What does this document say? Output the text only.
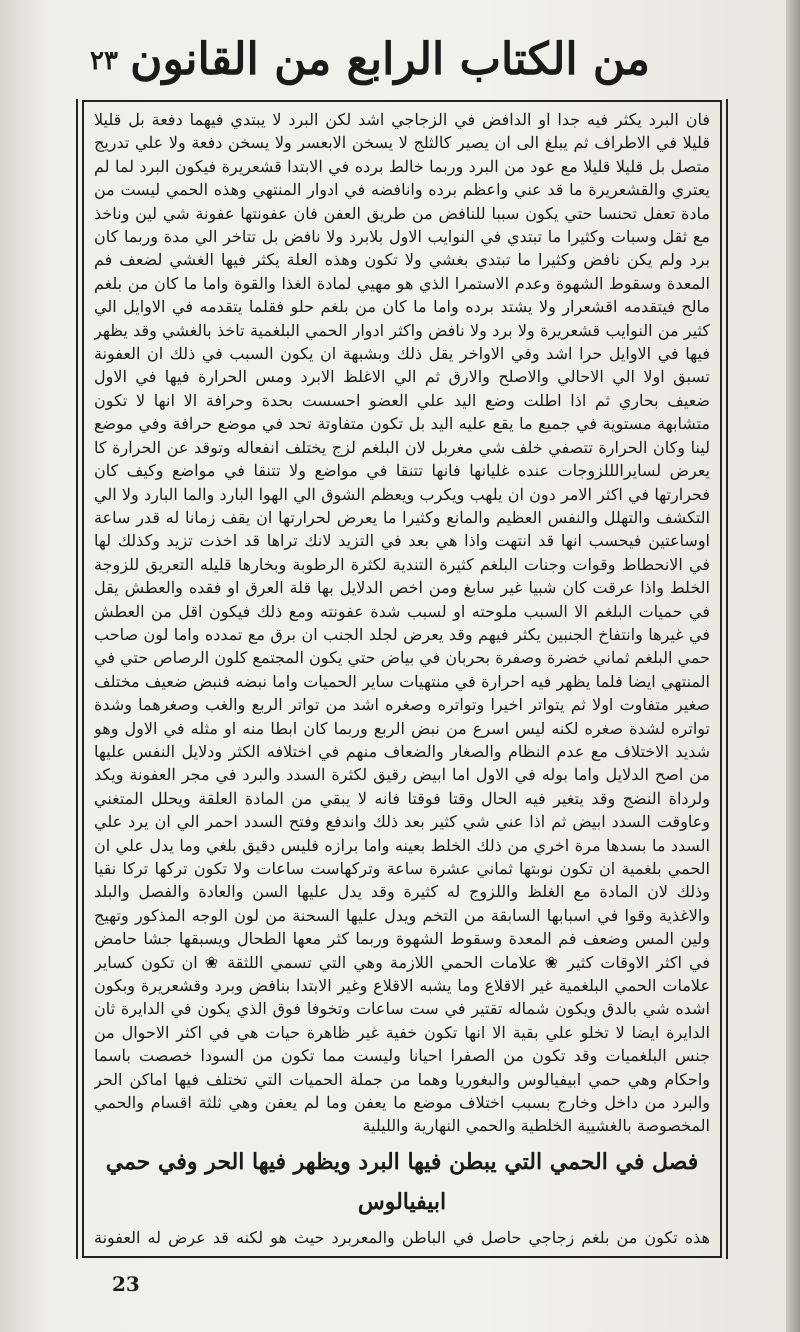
من الكتاب الرابع من القانون
٢٣

فان البرد يكثر فيه جدا او الدافض في الزجاجي اشد لكن البرد لا يبتدي فيهما دفعة بل قليلا قليلا في الاطراف ثم يبلغ الى ان يصير كالثلج لا يسخن الابعسر ولا يسخن دفعة ولا علي تدريج متصل بل قليلا قليلا مع عود من البرد وربما خالط برده في الابتدا قشعريرة فيكون البرد لما لم يعتري والقشعريرة ما قد عني واعظم برده وانافضه في ادوار المنتهي وهذه الحمي ليست من مادة تعفل تحنسا حتي يكون سببا للنافض من طريق العفن فان عفونتها عفونة شي لين وناخذ مع ثقل وسبات وكثيرا ما تبتدي في النوايب الاول بلابرد ولا نافض بل تتاخر الي مدة وربما كان برد ولم يكن نافض وكثيرا ما تبتدي بغشي ولا تكون وهذه العلة يكثر فيها الغشي لضعف فم المعدة وسقوط الشهوة وعدم الاستمرا الذي هو مهيي لمادة الغذا والقوة واما ما كان من بلغم مالح فيتقدمه اقشعرار ولا يشتد برده واما ما كان من بلغم حلو فقلما يتقدمه في الاوايل الي كثير من النوايب قشعريرة ولا برد ولا نافض واكثر ادوار الحمي البلغمية تاخذ بالغشي وقد يظهر فيها في الاوايل حرا اشد وفي الاواخر يقل ذلك وبشبهة ان يكون السبب في ذلك ان العفونة تسبق اولا الي الاحالي والاصلح والارق ثم الي الاغلظ الابرد ومس الحرارة فيها في الاول ضعيف بحاري ثم اذا اطلت وضع اليد علي العضو احسست بحدة وحرافة الا انها لا تكون متشابهة مستوية في جميع ما يقع عليه اليد بل تكون متفاوتة تحد في موضع حرافة وفي موضع لينا وكان الحرارة تتصفي خلف شي مغربل لان البلغم لزج يختلف انفعاله وتوقد عن الحرارة كا يعرض لسايرالللزوجات عنده غليانها فانها تتنقا في مواضع ولا تتنقا في مواضع وكيف كان فحرارتها في اكثر الامر دون ان يلهب ويكرب ويعظم الشوق الي الهوا البارد والما البارد ولا الي التكشف والتهلل والنفس العظيم والمانع وكثيرا ما يعرض لحرارتها ان يقف زمانا له قدر ساعة اوساعتين فيحسب انها قد انتهت واذا هي بعد في التزيد لانك تراها قد اخذت تزيد وكذلك لها في الانحطاط وقوات وجنات البلغم كثيرة التندية لكثرة الرطوبة وبخارها قليله التعريق للزوجة الخلط واذا عرقت كان شبيا غير سابغ ومن اخص الدلايل بها قلة العرق او فقده والعطش يقل في حميات البلغم الا السبب ملوحته او لسبب شدة عفونته ومع ذلك فيكون اقل من العطش في غيرها وانتفاخ الجنبين يكثر فيهم وقد يعرض لجلد الجنب ان برق مع تمدده واما لون صاحب حمي البلغم ثماني خضرة وصفرة بحربان في بياض حتي يكون المجتمع كلون الرصاص حتي في المنتهي ايضا فلما يظهر فيه احرارة في منتهيات ساير الحميات واما نبضه فنبض ضعيف مختلف صغير متفاوت اولا ثم يتواتر اخيرا وتواتره وصغره اشد من تواتر الربع والغب وصغرهما وشدة تواتره لشدة صغره لكنه ليس اسرع من نبض الربع وربما كان ابطا منه او مثله في الاول وهو شديد الاختلاف مع عدم النظام والصغار والضعاف منهم في اختلافه الكثر ودلايل النفس عليها من اصح الدلايل واما بوله في الاول اما ابيض رقيق لكثرة السدد والبرد في مجر العفونة ويكد ولرداة النضج وقد يتغير فيه الحال وقتا فوقتا فانه لا يبقي من المادة العلقة ويحلل المتغني وعاوقت السدد ابيض ثم اذا عني شي كثير بعد ذلك واندفع وفتح السدد احمر الي ان يرد علي السدد ما بسدها مرة اخري من ذلك الخلط بعينه واما برازه فليس دقيق بلغي وما يدل علي ان الحمي بلغمية ان تكون نوبتها ثماني عشرة ساعة وتركهاست ساعات ولا تكون تركها تركا نقيا وذلك لان المادة مع الغلظ واللزوج له كثيرة وقد يدل عليها السن والعادة والفصل والبلد والاغذية وقوا في اسبابها السابقة من التخم ويدل عليها السحنة من لون الوجه المذكور وتهيج ولين المس وضعف فم المعدة وسقوط الشهوة وربما كثر معها الطحال ويسبقها جشا حامض في اكثر الاوقات كثير ❀ علامات الحمي اللازمة وهي التي تسمي اللثقة ❀ ان تكون كساير علامات الحمي البلغمية غير الاقلاع وما يشبه الاقلاع وغير الابتدا بنافض وبرد وقشعريرة وبكون اشده شي بالدق ويكون شماله تقتير في ست ساعات وتخوفا فوق الذي يكون في الدايرة ثان الدايرة ايضا لا تخلو علي بقية الا انها تكون خفية غير ظاهرة حيات هي في اكثر الاحوال من جنس البلغميات وقد تكون من الصفرا احيانا وليست مما تكون من السودا خصصت باسما واحكام وهي حمي ابيفيالوس والبغوريا وهما من جملة الحميات التي تختلف فيها اماكن الحر والبرد من داخل وخارج بسبب اختلاف موضع ما يعفن وما لم يعفن وهي ثلثة اقسام والحمي المخصوصة بالغشيية الخلطية والحمي النهارية والليلية

فصل في الحمي التي يبطن فيها البرد ويظهر فيها الحر وفي حمي ابيفيالوس

هذه تكون من بلغم زجاجي حاصل في الباطن والمعربرد حيث هو لكنه قد عرض له العفونة

23
